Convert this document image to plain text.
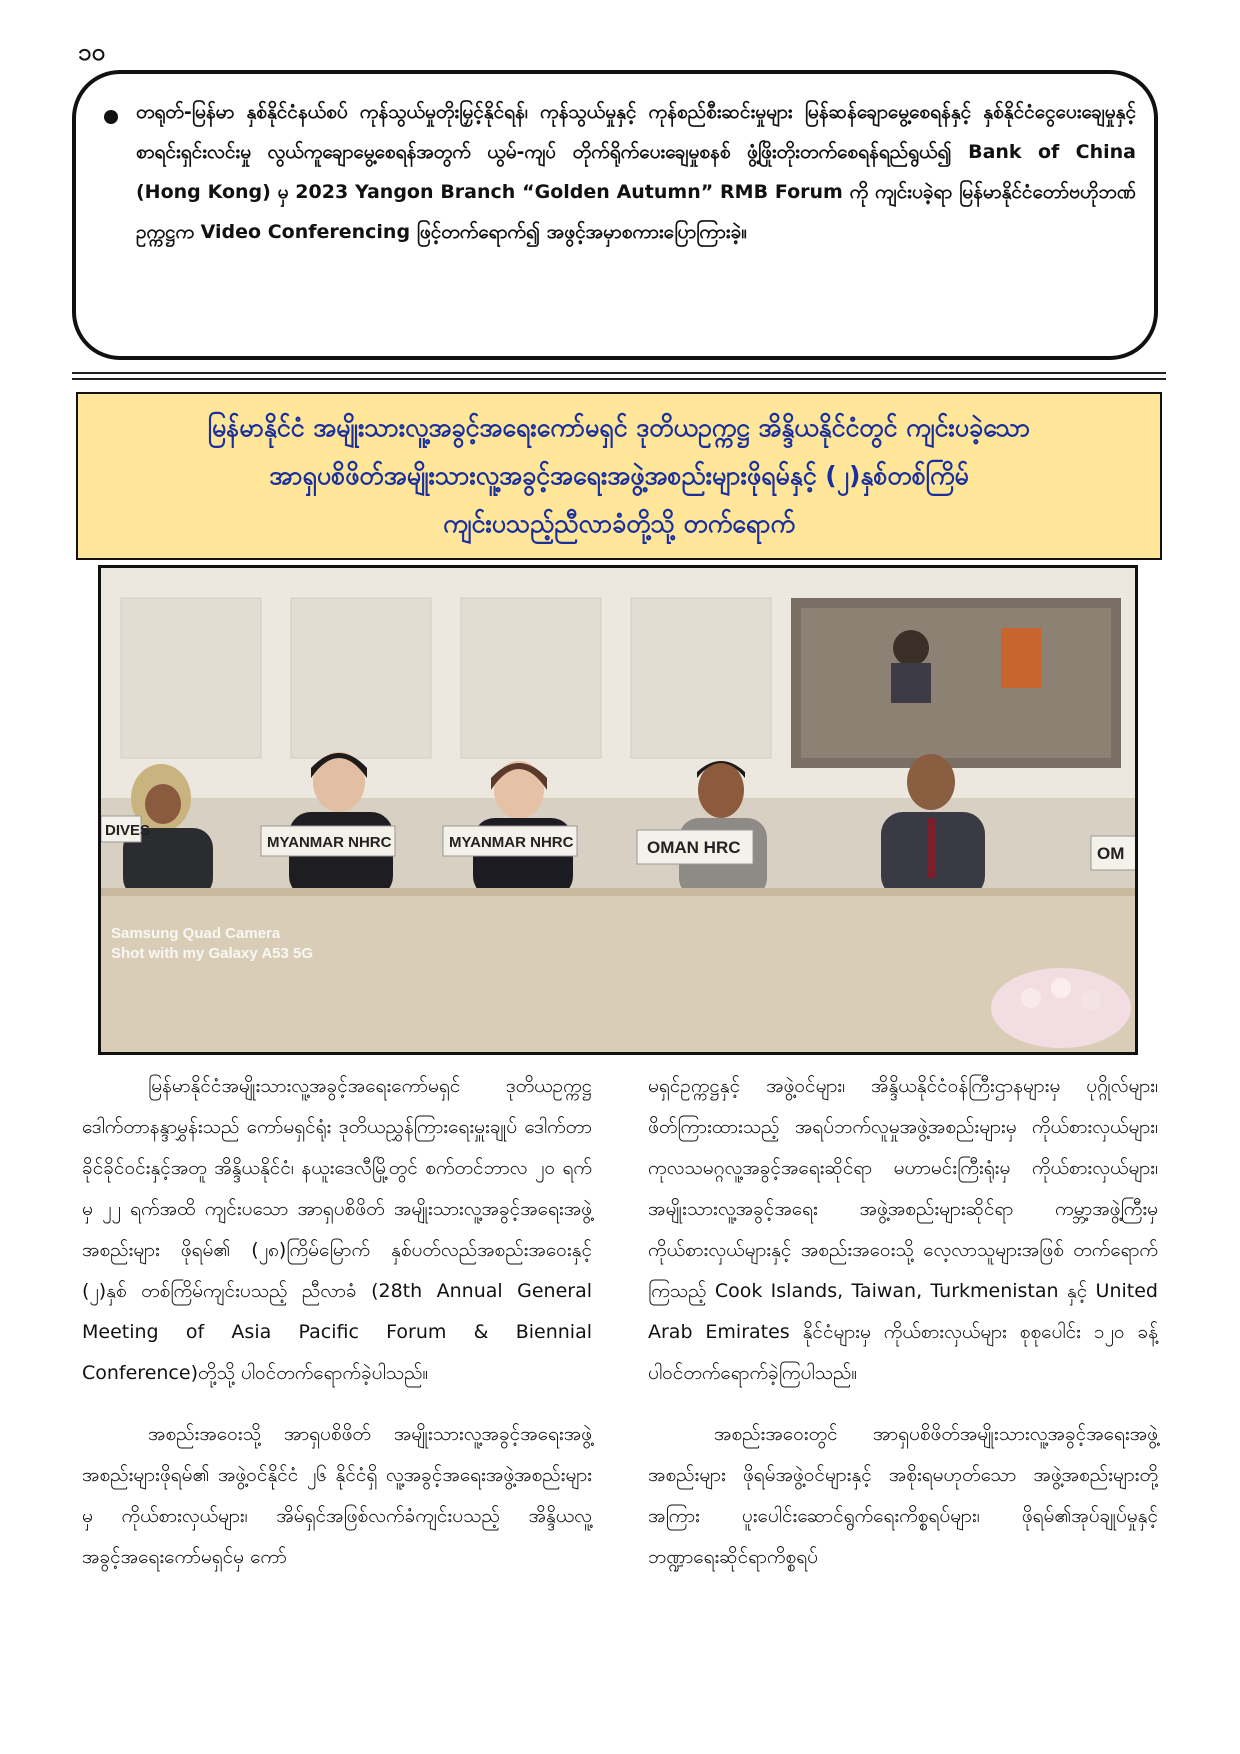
၁၀
တရုတ်-မြန်မာ နှစ်နိုင်ငံနယ်စပ် ကုန်သွယ်မှုတိုးမြှင့်နိုင်ရန်၊ ကုန်သွယ်မှုနှင့် ကုန်စည်စီးဆင်းမှုများ မြန်ဆန်ချောမွေ့စေရန်နှင့် နှစ်နိုင်ငံငွေပေးချေမှုနှင့် စာရင်းရှင်းလင်းမှု လွယ်ကူချောမွေ့စေရန်အတွက် ယွမ်-ကျပ် တိုက်ရိုက်ပေးချေမှုစနစ် ဖွံ့ဖြိုးတိုးတက်စေရန်ရည်ရွယ်၍ Bank of China (Hong Kong) မှ 2023 Yangon Branch “Golden Autumn” RMB Forum ကို ကျင်းပခဲ့ရာ မြန်မာနိုင်ငံတော်ဗဟိုဘဏ်ဥက္ကဋ္ဌက Video Conferencing ဖြင့်တက်ရောက်၍ အဖွင့်အမှာစကားပြောကြားခဲ့။
မြန်မာနိုင်ငံ အမျိုးသားလူ့အခွင့်အရေးကော်မရှင် ဒုတိယဥက္ကဋ္ဌ အိန္ဒိယနိုင်ငံတွင် ကျင်းပခဲ့သော
အာရှပစိဖိတ်အမျိုးသားလူ့အခွင့်အရေးအဖွဲ့အစည်းများဖိုရမ်နှင့် (၂)နှစ်တစ်ကြိမ်
ကျင်းပသည့်ညီလာခံတို့သို့ တက်ရောက်
DIVES
MYANMAR NHRC	MYANMAR NHRC	OMAN HRC	OM
Samsung Quad Camera
Shot with my Galaxy A53 5G

မြန်မာနိုင်ငံအမျိုးသားလူ့အခွင့်အရေးကော်မရှင် ဒုတိယဥက္ကဋ္ဌ ဒေါက်တာနန္ဒာမွှန်းသည် ကော်မရှင်ရုံး ဒုတိယညွှန်ကြားရေးမှူးချုပ် ဒေါက်တာခိုင်ခိုင်ဝင်းနှင့်အတူ အိန္ဒိယနိုင်ငံ၊ နယူးဒေလီမြို့တွင် စက်တင်ဘာလ ၂၀ ရက်မှ ၂၂ ရက်အထိ ကျင်းပသော အာရှပစိဖိတ် အမျိုးသားလူ့အခွင့်အရေးအဖွဲ့အစည်းများ ဖိုရမ်၏ (၂၈)ကြိမ်မြောက် နှစ်ပတ်လည်အစည်းအဝေးနှင့် (၂)နှစ် တစ်ကြိမ်ကျင်းပသည့် ညီလာခံ (28th Annual General Meeting of Asia Pacific Forum & Biennial Conference)တို့သို့ ပါဝင်တက်ရောက်ခဲ့ပါသည်။

အစည်းအဝေးသို့ အာရှပစိဖိတ် အမျိုးသားလူ့အခွင့်အရေးအဖွဲ့အစည်းများဖိုရမ်၏ အဖွဲ့ဝင်နိုင်ငံ ၂၆ နိုင်ငံရှိ လူ့အခွင့်အရေးအဖွဲ့အစည်းများမှ ကိုယ်စားလှယ်များ၊ အိမ်ရှင်အဖြစ်လက်ခံကျင်းပသည့် အိန္ဒိယလူ့အခွင့်အရေးကော်မရှင်မှ ကော်

မရှင်ဥက္ကဋ္ဌနှင့် အဖွဲ့ဝင်များ၊ အိန္ဒိယနိုင်ငံဝန်ကြီးဌာနများမှ ပုဂ္ဂိုလ်များ၊ ဖိတ်ကြားထားသည့် အရပ်ဘက်လူမှုအဖွဲ့အစည်းများမှ ကိုယ်စားလှယ်များ၊ ကုလသမဂ္ဂလူ့အခွင့်အရေးဆိုင်ရာ မဟာမင်းကြီးရုံးမှ ကိုယ်စားလှယ်များ၊ အမျိုးသားလူ့အခွင့်အရေး အဖွဲ့အစည်းများဆိုင်ရာ ကမ္ဘာ့အဖွဲ့ကြီးမှ ကိုယ်စားလှယ်များနှင့် အစည်းအဝေးသို့ လေ့လာသူများအဖြစ် တက်ရောက်ကြသည့် Cook Islands, Taiwan, Turkmenistan နှင့် United Arab Emirates နိုင်ငံများမှ ကိုယ်စားလှယ်များ စုစုပေါင်း ၁၂၀ ခန့် ပါဝင်တက်ရောက်ခဲ့ကြပါသည်။

အစည်းအဝေးတွင် အာရှပစိဖိတ်အမျိုးသားလူ့အခွင့်အရေးအဖွဲ့အစည်းများ ဖိုရမ်အဖွဲ့ဝင်များနှင့် အစိုးရမဟုတ်သော အဖွဲ့အစည်းများတို့အကြား ပူးပေါင်းဆောင်ရွက်ရေးကိစ္စရပ်များ၊ ဖိုရမ်၏အုပ်ချုပ်မှုနှင့် ဘဏ္ဍာရေးဆိုင်ရာကိစ္စရပ်
